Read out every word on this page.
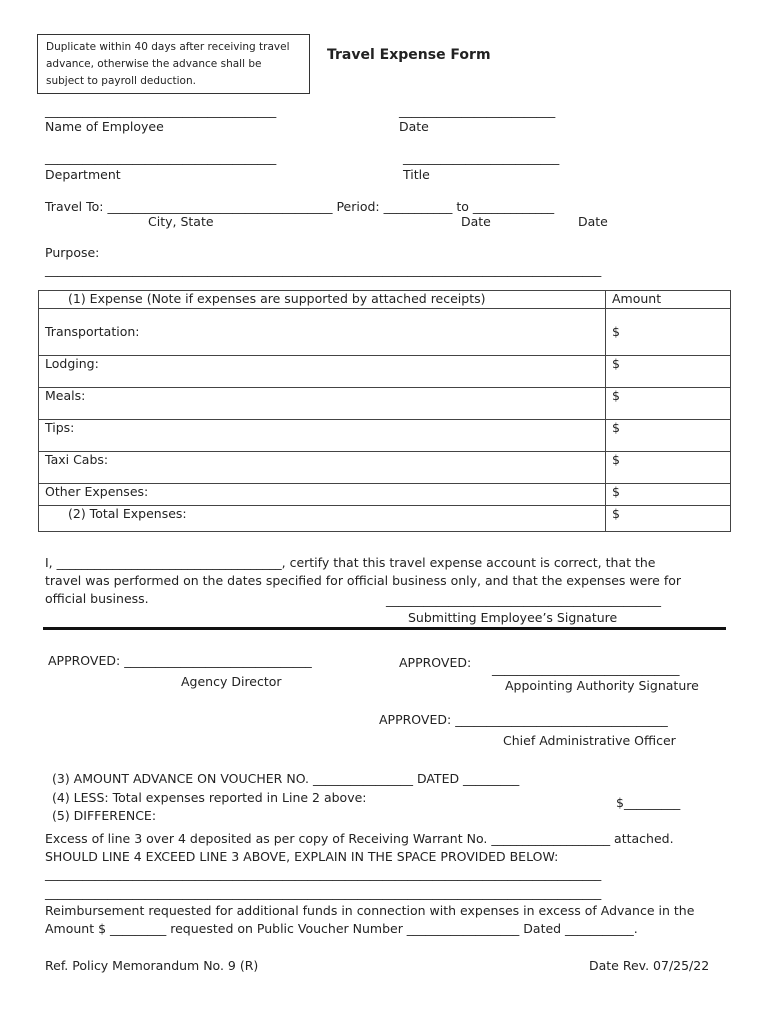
Duplicate within 40 days after receiving travel advance, otherwise the advance shall be subject to payroll deduction.
Travel Expense Form
_____________________________________
Name of Employee
_________________________
Date
_____________________________________
Department
_________________________
Title
Travel To: ____________________________________ Period: ___________ to _____________
City, State	Date	Date
Purpose:
_________________________________________________________________________________________
(1) Expense (Note if expenses are supported by attached receipts)	Amount
Transportation:	$
Lodging:	$
Meals:	$
Tips:	$
Taxi Cabs:	$
Other Expenses:	$
(2) Total Expenses:	$
I, ____________________________________, certify that this travel expense account is correct, that the
travel was performed on the dates specified for official business only, and that the expenses were for
official business.	____________________________________________
Submitting Employee’s Signature
APPROVED: ______________________________
Agency Director
APPROVED: ______________________________
Appointing Authority Signature
APPROVED: __________________________________
Chief Administrative Officer
(3) AMOUNT ADVANCE ON VOUCHER NO. ________________ DATED _________
(4) LESS: Total expenses reported in Line 2 above:	$_________
(5) DIFFERENCE:
Excess of line 3 over 4 deposited as per copy of Receiving Warrant No. ___________________ attached.
SHOULD LINE 4 EXCEED LINE 3 ABOVE, EXPLAIN IN THE SPACE PROVIDED BELOW:
_________________________________________________________________________________________
_________________________________________________________________________________________
Reimbursement requested for additional funds in connection with expenses in excess of Advance in the
Amount $ _________ requested on Public Voucher Number __________________ Dated ___________.
Ref. Policy Memorandum No. 9 (R)	Date Rev. 07/25/22
